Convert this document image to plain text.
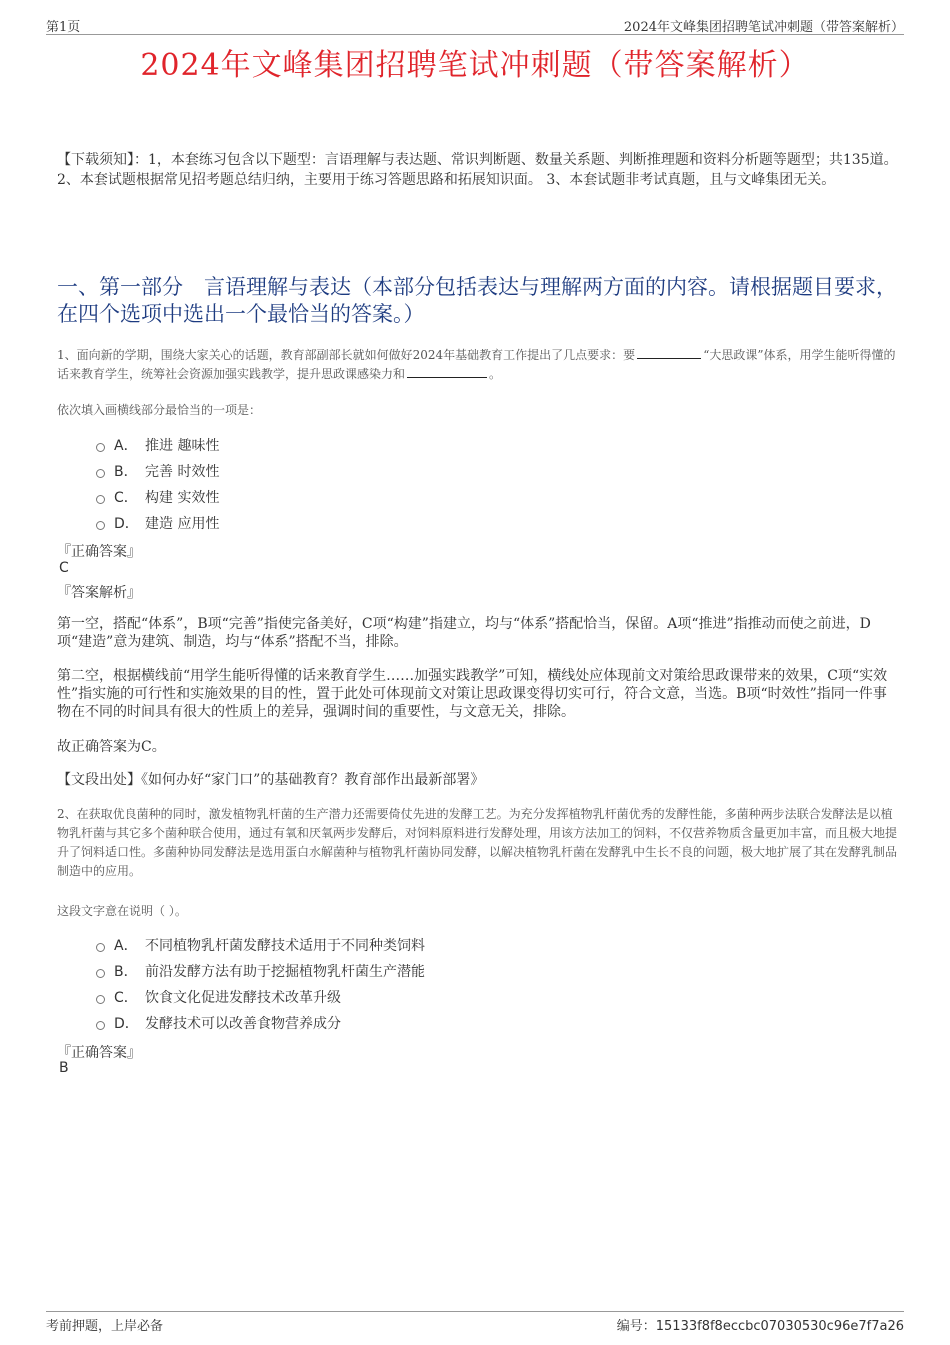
第1页	2024年文峰集团招聘笔试冲刺题（带答案解析）
2024年文峰集团招聘笔试冲刺题（带答案解析）
【下载须知】：1，本套练习包含以下题型：言语理解与表达题、常识判断题、数量关系题、判断推理题和资料分析题等题型；共135道。 2、本套试题根据常见招考题总结归纳，主要用于练习答题思路和拓展知识面。 3、本套试题非考试真题，且与文峰集团无关。
一、第一部分　言语理解与表达（本部分包括表达与理解两方面的内容。请根据题目要求，在四个选项中选出一个最恰当的答案。）
1、面向新的学期，围绕大家关心的话题，教育部副部长就如何做好2024年基础教育工作提出了几点要求：要	“大思政课”体系，用学生能听得懂的话来教育学生，统筹社会资源加强实践教学，提升思政课感染力和	。
依次填入画横线部分最恰当的一项是：
A． 推进 趣味性
B． 完善 时效性
C． 构建 实效性
D． 建造 应用性
『正确答案』
C
『答案解析』
第一空，搭配“体系”，B项“完善”指使完备美好，C项“构建”指建立，均与“体系”搭配恰当，保留。A项“推进”指推动而使之前进，D项“建造”意为建筑、制造，均与“体系”搭配不当，排除。
第二空，根据横线前“用学生能听得懂的话来教育学生……加强实践教学”可知，横线处应体现前文对策给思政课带来的效果，C项“实效性”指实施的可行性和实施效果的目的性，置于此处可体现前文对策让思政课变得切实可行，符合文意，当选。B项“时效性”指同一件事物在不同的时间具有很大的性质上的差异，强调时间的重要性，与文意无关，排除。
故正确答案为C。
【文段出处】《如何办好“家门口”的基础教育？教育部作出最新部署》
2、在获取优良菌种的同时，激发植物乳杆菌的生产潜力还需要倚仗先进的发酵工艺。为充分发挥植物乳杆菌优秀的发酵性能，多菌种两步法联合发酵法是以植物乳杆菌与其它多个菌种联合使用，通过有氧和厌氧两步发酵后，对饲料原料进行发酵处理，用该方法加工的饲料，不仅营养物质含量更加丰富，而且极大地提升了饲料适口性。多菌种协同发酵法是选用蛋白水解菌种与植物乳杆菌协同发酵，以解决植物乳杆菌在发酵乳中生长不良的问题，极大地扩展了其在发酵乳制品制造中的应用。
这段文字意在说明（ ）。
A． 不同植物乳杆菌发酵技术适用于不同种类饲料
B． 前沿发酵方法有助于挖掘植物乳杆菌生产潜能
C． 饮食文化促进发酵技术改革升级
D． 发酵技术可以改善食物营养成分
『正确答案』
B
考前押题，上岸必备	编号：15133f8f8eccbc07030530c96e7f7a26
